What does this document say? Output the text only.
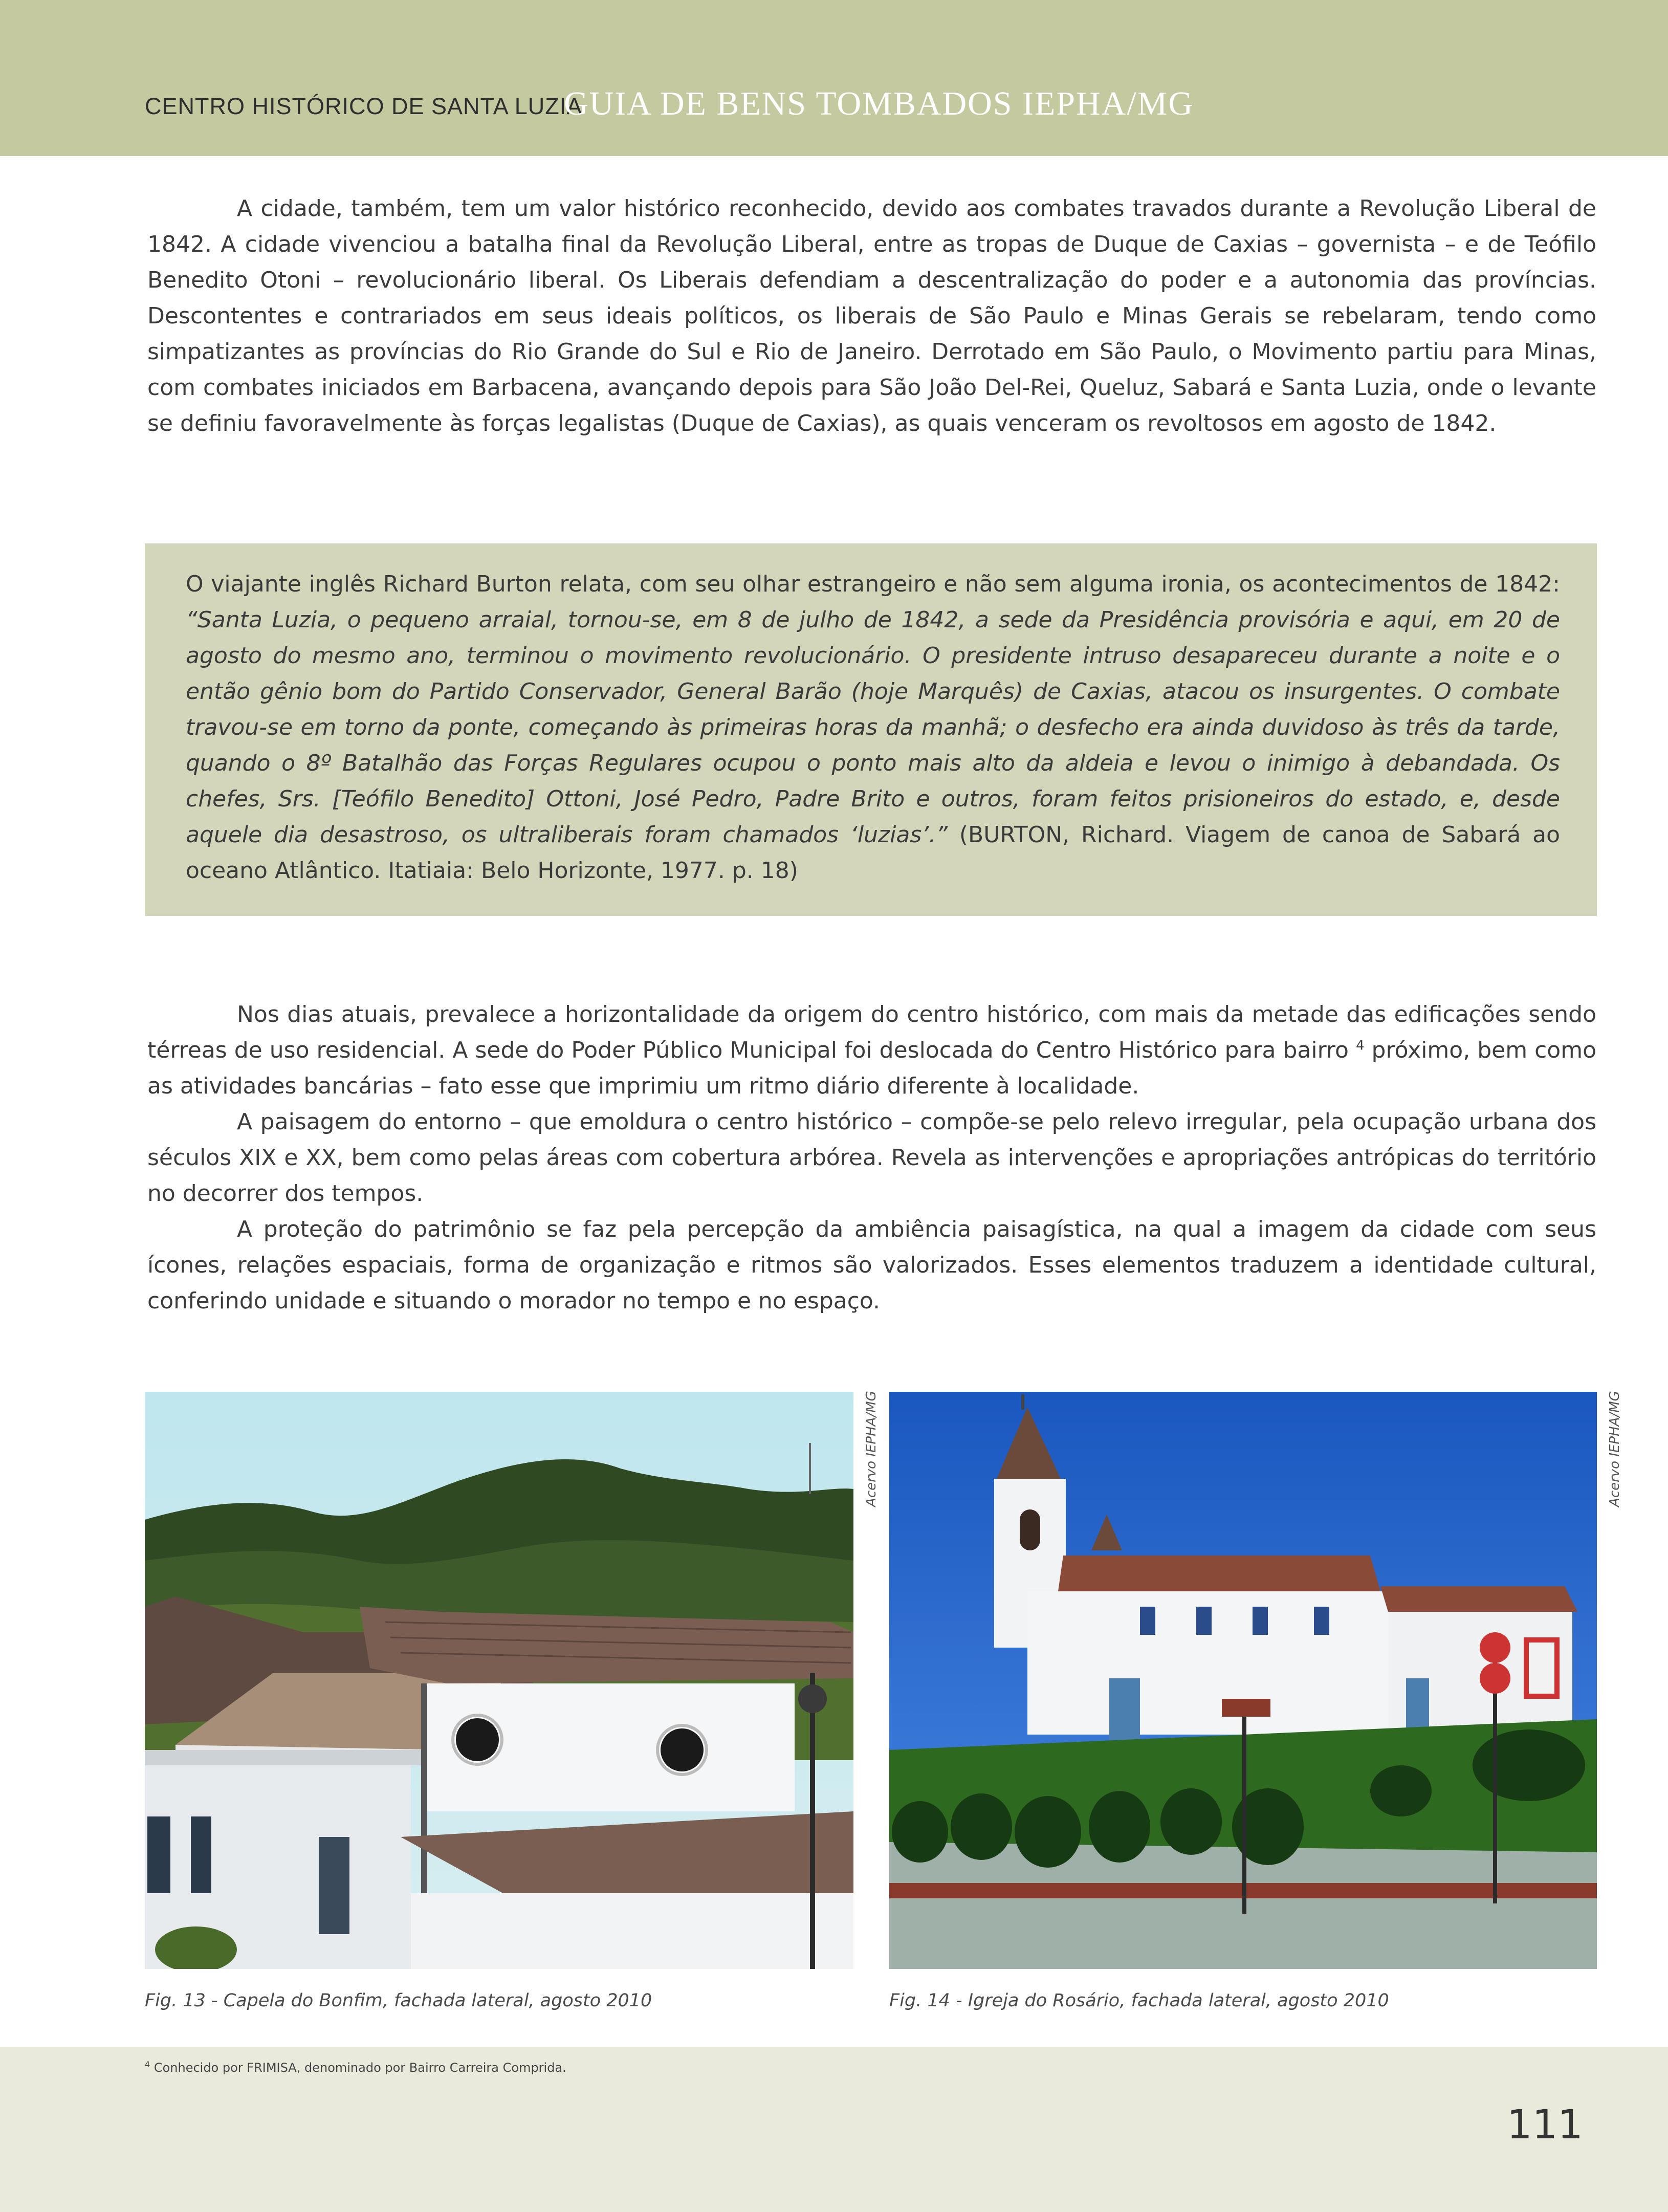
CENTRO HISTÓRICO DE SANTA LUZIA
GUIA DE BENS TOMBADOS IEPHA/MG

A cidade, também, tem um valor histórico reconhecido, devido aos combates travados durante a Revolução Liberal de 1842. A cidade vivenciou a batalha final da Revolução Liberal, entre as tropas de Duque de Caxias – governista – e de Teófilo Benedito Otoni – revolucionário liberal. Os Liberais defendiam a descentralização do poder e a autonomia das províncias. Descontentes e contrariados em seus ideais políticos, os liberais de São Paulo e Minas Gerais se rebelaram, tendo como simpatizantes as províncias do Rio Grande do Sul e Rio de Janeiro. Derrotado em São Paulo, o Movimento partiu para Minas, com combates iniciados em Barbacena, avançando depois para São João Del-Rei, Queluz, Sabará e Santa Luzia, onde o levante se definiu favoravelmente às forças legalistas (Duque de Caxias), as quais venceram os revoltosos em agosto de 1842.

O viajante inglês Richard Burton relata, com seu olhar estrangeiro e não sem alguma ironia, os acontecimentos de 1842: “Santa Luzia, o pequeno arraial, tornou-se, em 8 de julho de 1842, a sede da Presidência provisória e aqui, em 20 de agosto do mesmo ano, terminou o movimento revolucionário. O presidente intruso desapareceu durante a noite e o então gênio bom do Partido Conservador, General Barão (hoje Marquês) de Caxias, atacou os insurgentes. O combate travou-se em torno da ponte, começando às primeiras horas da manhã; o desfecho era ainda duvidoso às três da tarde, quando o 8º Batalhão das Forças Regulares ocupou o ponto mais alto da aldeia e levou o inimigo à debandada. Os chefes, Srs. [Teófilo Benedito] Ottoni, José Pedro, Padre Brito e outros, foram feitos prisioneiros do estado, e, desde aquele dia desastroso, os ultraliberais foram chamados ‘luzias’.” (BURTON, Richard. Viagem de canoa de Sabará ao oceano Atlântico. Itatiaia: Belo Horizonte, 1977. p. 18)

Nos dias atuais, prevalece a horizontalidade da origem do centro histórico, com mais da metade das edificações sendo térreas de uso residencial. A sede do Poder Público Municipal foi deslocada do Centro Histórico para bairro $^4$ próximo, bem como as atividades bancárias – fato esse que imprimiu um ritmo diário diferente à localidade.

A paisagem do entorno – que emoldura o centro histórico – compõe-se pelo relevo irregular, pela ocupação urbana dos séculos XIX e XX, bem como pelas áreas com cobertura arbórea. Revela as intervenções e apropriações antrópicas do território no decorrer dos tempos.

A proteção do patrimônio se faz pela percepção da ambiência paisagística, na qual a imagem da cidade com seus ícones, relações espaciais, forma de organização e ritmos são valorizados. Esses elementos traduzem a identidade cultural, conferindo unidade e situando o morador no tempo e no espaço.

Acervo IEPHA/MG
Fig. 13 - Capela do Bonfim, fachada lateral, agosto 2010
Acervo IEPHA/MG
Fig. 14 - Igreja do Rosário, fachada lateral, agosto 2010
$^4$ Conhecido por FRIMISA, denominado por Bairro Carreira Comprida.
111
